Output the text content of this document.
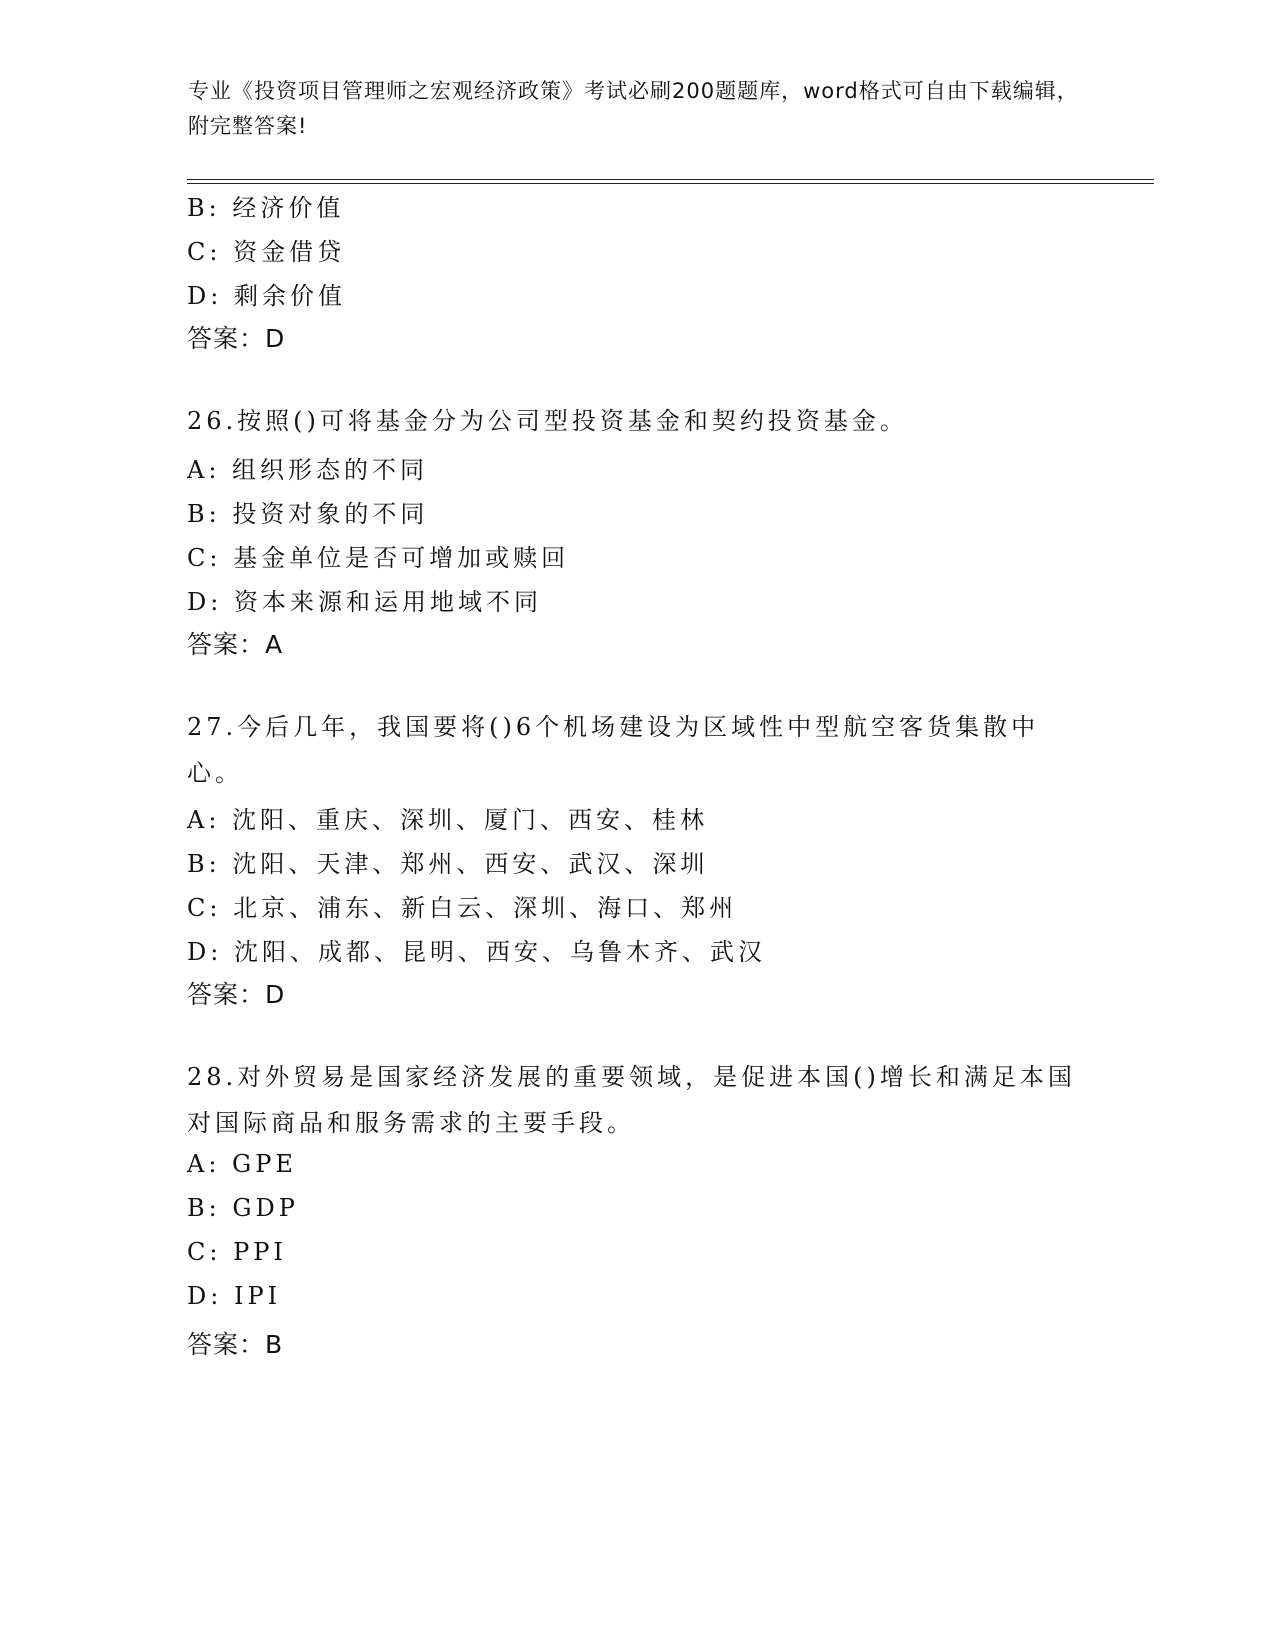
专业《投资项目管理师之宏观经济政策》考试必刷200题题库，word格式可自由下载编辑，附完整答案!
B: 经济价值
C: 资金借贷
D: 剩余价值
答案：D
26.按照()可将基金分为公司型投资基金和契约投资基金。
A: 组织形态的不同
B: 投资对象的不同
C: 基金单位是否可增加或赎回
D: 资本来源和运用地域不同
答案：A
27.今后几年，我国要将()6个机场建设为区域性中型航空客货集散中心。
A: 沈阳、重庆、深圳、厦门、西安、桂林
B: 沈阳、天津、郑州、西安、武汉、深圳
C: 北京、浦东、新白云、深圳、海口、郑州
D: 沈阳、成都、昆明、西安、乌鲁木齐、武汉
答案：D
28.对外贸易是国家经济发展的重要领域，是促进本国()增长和满足本国对国际商品和服务需求的主要手段。
A: GPE
B: GDP
C: PPI
D: IPI
答案：B
